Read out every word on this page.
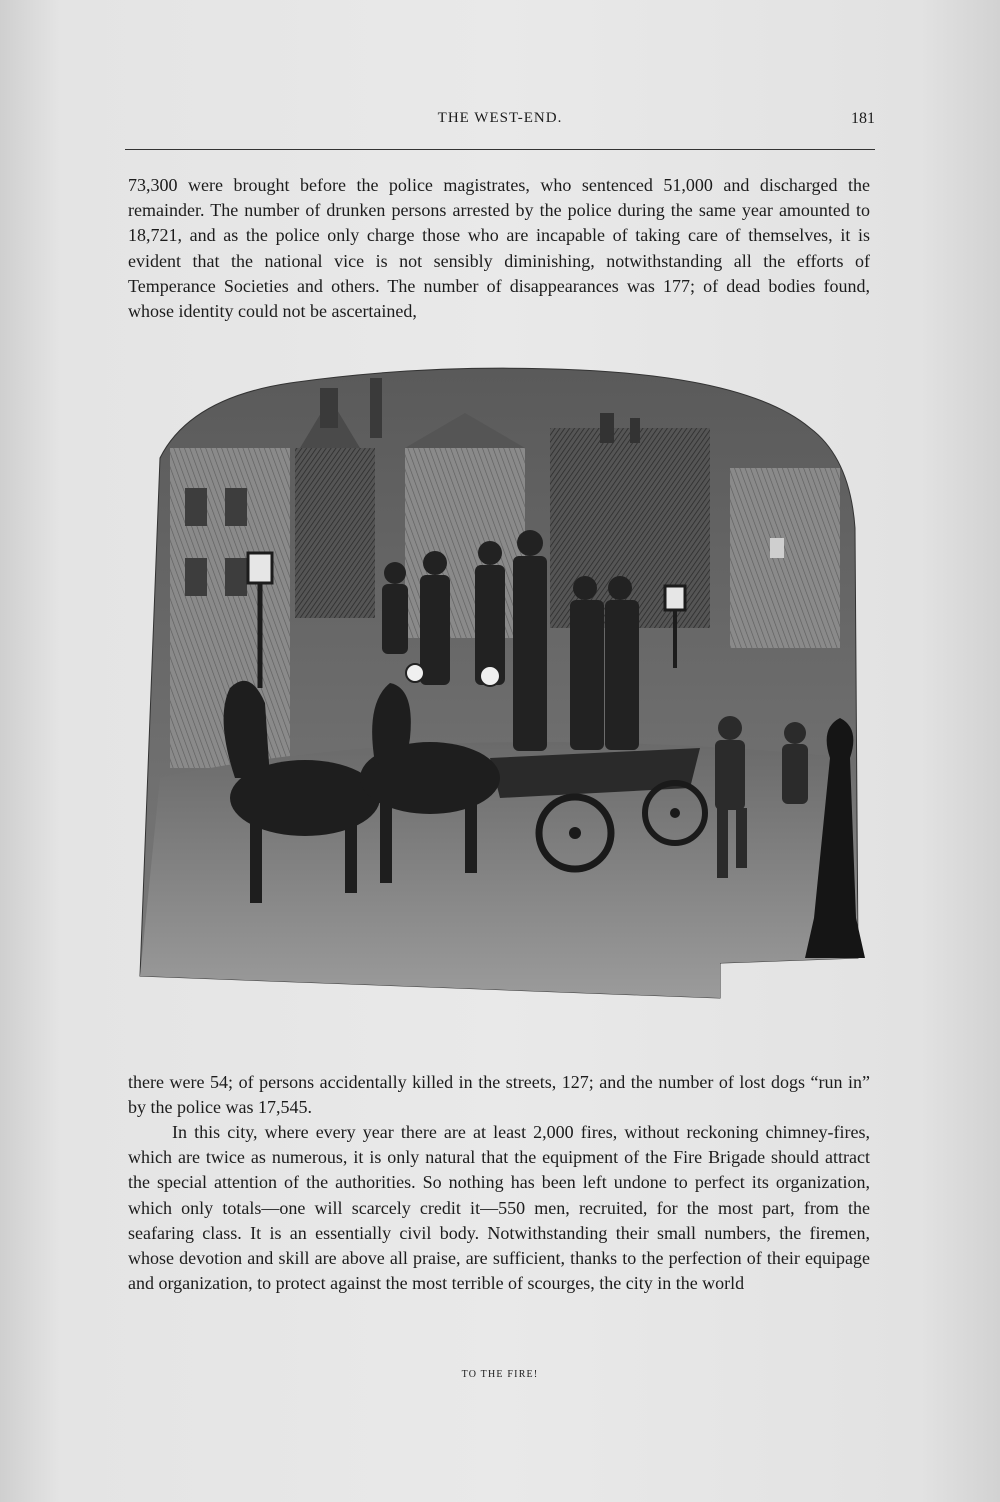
THE WEST-END.	181

73,300 were brought before the police magistrates, who sentenced 51,000 and discharged the remainder. The number of drunken persons arrested by the police during the same year amounted to 18,721, and as the police only charge those who are incapable of taking care of themselves, it is evident that the national vice is not sensibly diminishing, notwithstanding all the efforts of Temperance Societies and others. The number of disappearances was 177; of dead bodies found, whose identity could not be ascertained,

TO THE FIRE!

there were 54; of persons accidentally killed in the streets, 127; and the number of lost dogs “run in” by the police was 17,545.

In this city, where every year there are at least 2,000 fires, without reckoning chimney-fires, which are twice as numerous, it is only natural that the equipment of the Fire Brigade should attract the special attention of the authorities. So nothing has been left undone to perfect its organization, which only totals—one will scarcely credit it—550 men, recruited, for the most part, from the seafaring class. It is an essentially civil body. Notwithstanding their small numbers, the firemen, whose devotion and skill are above all praise, are sufficient, thanks to the perfection of their equipage and organization, to protect against the most terrible of scourges, the city in the world
